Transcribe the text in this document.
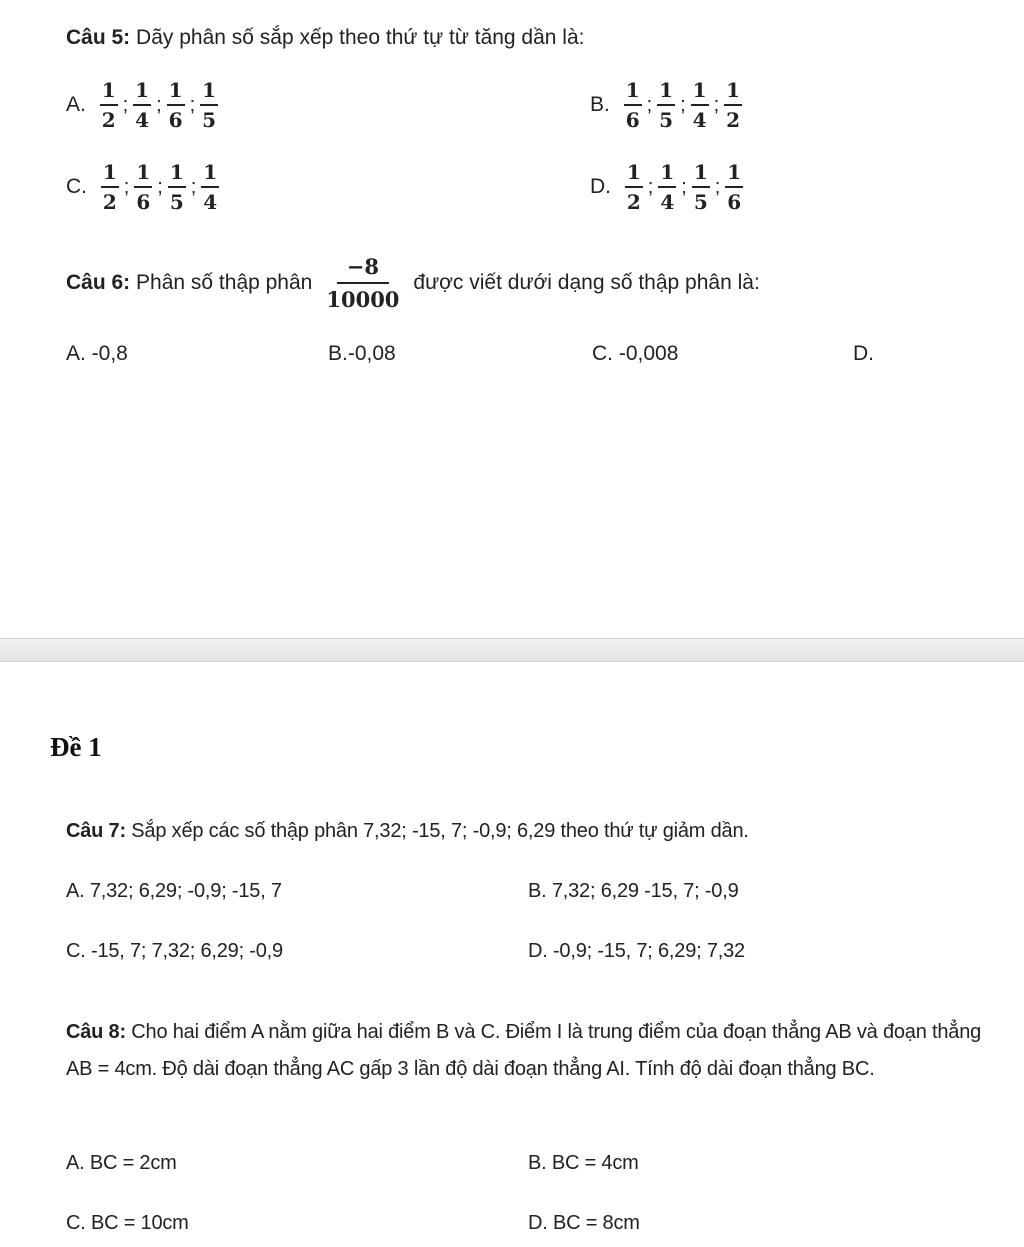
Câu 5: Dãy phân số sắp xếp theo thứ tự từ tăng dần là:
A. $\frac{1}{2}$ ; $\frac{1}{4}$ ; $\frac{1}{6}$ ; $\frac{1}{5}$	B. $\frac{1}{6}$ ; $\frac{1}{5}$ ; $\frac{1}{4}$ ; $\frac{1}{2}$
C. $\frac{1}{2}$ ; $\frac{1}{6}$ ; $\frac{1}{5}$ ; $\frac{1}{4}$	D. $\frac{1}{2}$ ; $\frac{1}{4}$ ; $\frac{1}{5}$ ; $\frac{1}{6}$
Câu 6: Phân số thập phân $\frac{-8}{10000}$ được viết dưới dạng số thập phân là:
A. -0,8	B.-0,08	C. -0,008	D.
Đề 1
Câu 7: Sắp xếp các số thập phân 7,32; -15, 7; -0,9; 6,29 theo thứ tự giảm dần.
A. 7,32; 6,29; -0,9; -15, 7	B. 7,32; 6,29 -15, 7; -0,9
C. -15, 7; 7,32; 6,29; -0,9	D. -0,9; -15, 7; 6,29; 7,32
Câu 8: Cho hai điểm A nằm giữa hai điểm B và C. Điểm I là trung điểm của đoạn thẳng AB và đoạn thẳng AB = 4cm. Độ dài đoạn thẳng AC gấp 3 lần độ dài đoạn thẳng AI. Tính độ dài đoạn thẳng BC.
A. BC = 2cm	B. BC = 4cm
C. BC = 10cm	D. BC = 8cm
